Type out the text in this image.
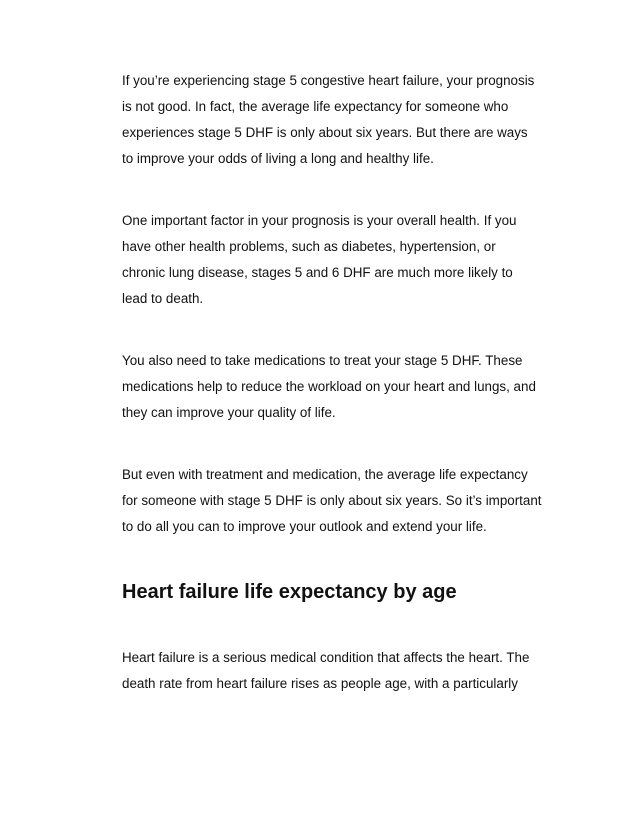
If you’re experiencing stage 5 congestive heart failure, your prognosis
is not good. In fact, the average life expectancy for someone who
experiences stage 5 DHF is only about six years. But there are ways
to improve your odds of living a long and healthy life.

One important factor in your prognosis is your overall health. If you
have other health problems, such as diabetes, hypertension, or
chronic lung disease, stages 5 and 6 DHF are much more likely to
lead to death.

You also need to take medications to treat your stage 5 DHF. These
medications help to reduce the workload on your heart and lungs, and
they can improve your quality of life.

But even with treatment and medication, the average life expectancy
for someone with stage 5 DHF is only about six years. So it’s important
to do all you can to improve your outlook and extend your life.

Heart failure life expectancy by age

Heart failure is a serious medical condition that affects the heart. The
death rate from heart failure rises as people age, with a particularly
